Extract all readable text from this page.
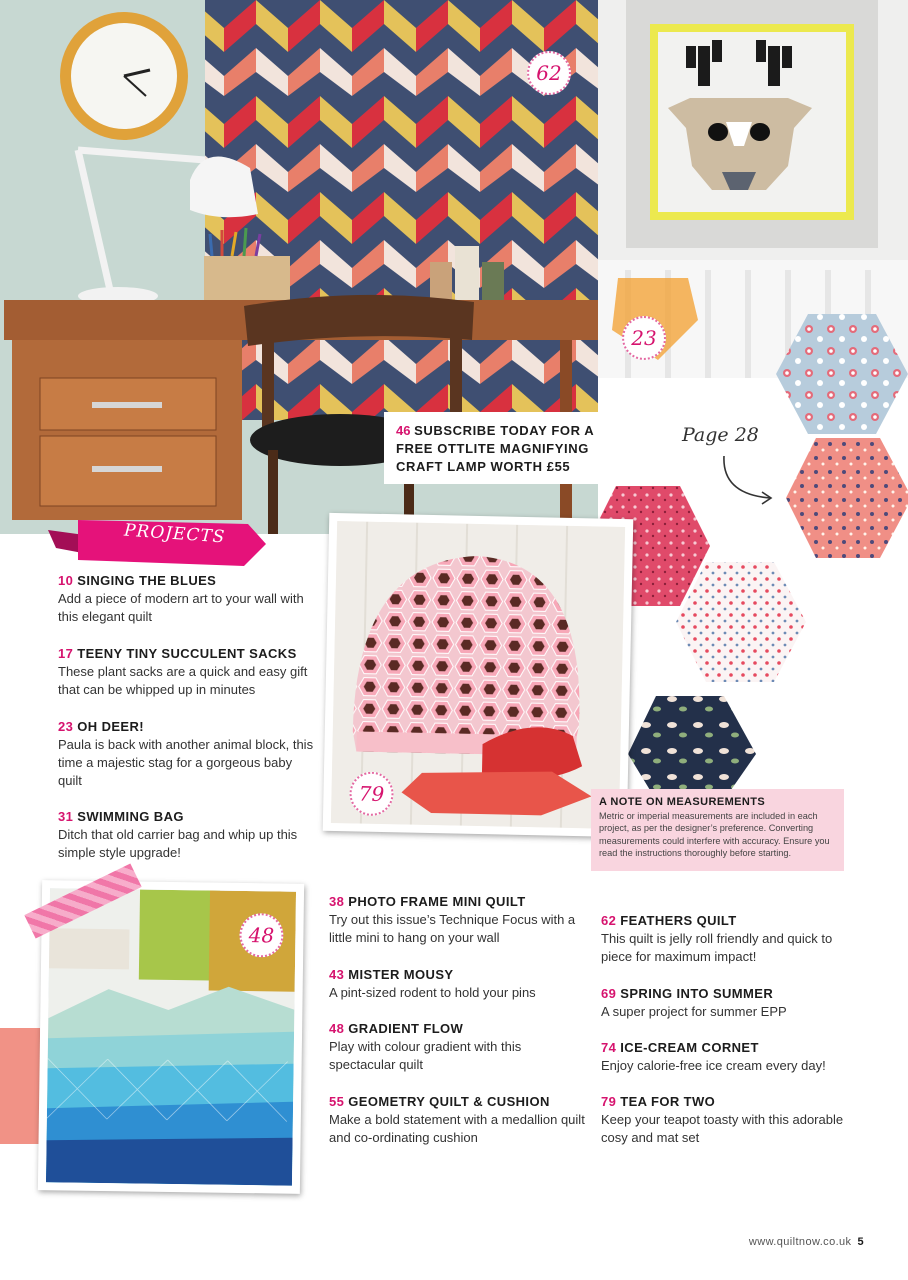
62
23
46 SUBSCRIBE TODAY FOR A FREE OTTLITE MAGNIFYING CRAFT LAMP WORTH £55
Page 28
PROJECTS
10 SINGING THE BLUES
Add a piece of modern art to your wall with this elegant quilt
17 TEENY TINY SUCCULENT SACKS
These plant sacks are a quick and easy gift that can be whipped up in minutes
23 OH DEER!
Paula is back with another animal block, this time a majestic stag for a gorgeous baby quilt
31 SWIMMING BAG
Ditch that old carrier bag and whip up this simple style upgrade!
79	A NOTE ON MEASUREMENTS
Metric or imperial measurements are included in each project, as per the designer’s preference. Converting measurements could interfere with accuracy. Ensure you read the instructions thoroughly before starting.
48
38 PHOTO FRAME MINI QUILT
Try out this issue’s Technique Focus with a little mini to hang on your wall
43 MISTER MOUSY
A pint-sized rodent to hold your pins
48 GRADIENT FLOW
Play with colour gradient with this spectacular quilt
55 GEOMETRY QUILT & CUSHION
Make a bold statement with a medallion quilt and co-ordinating cushion
62 FEATHERS QUILT
This quilt is jelly roll friendly and quick to piece for maximum impact!
69 SPRING INTO SUMMER
A super project for summer EPP
74 ICE-CREAM CORNET
Enjoy calorie-free ice cream every day!
79 TEA FOR TWO
Keep your teapot toasty with this adorable cosy and mat set
www.quiltnow.co.uk 5
